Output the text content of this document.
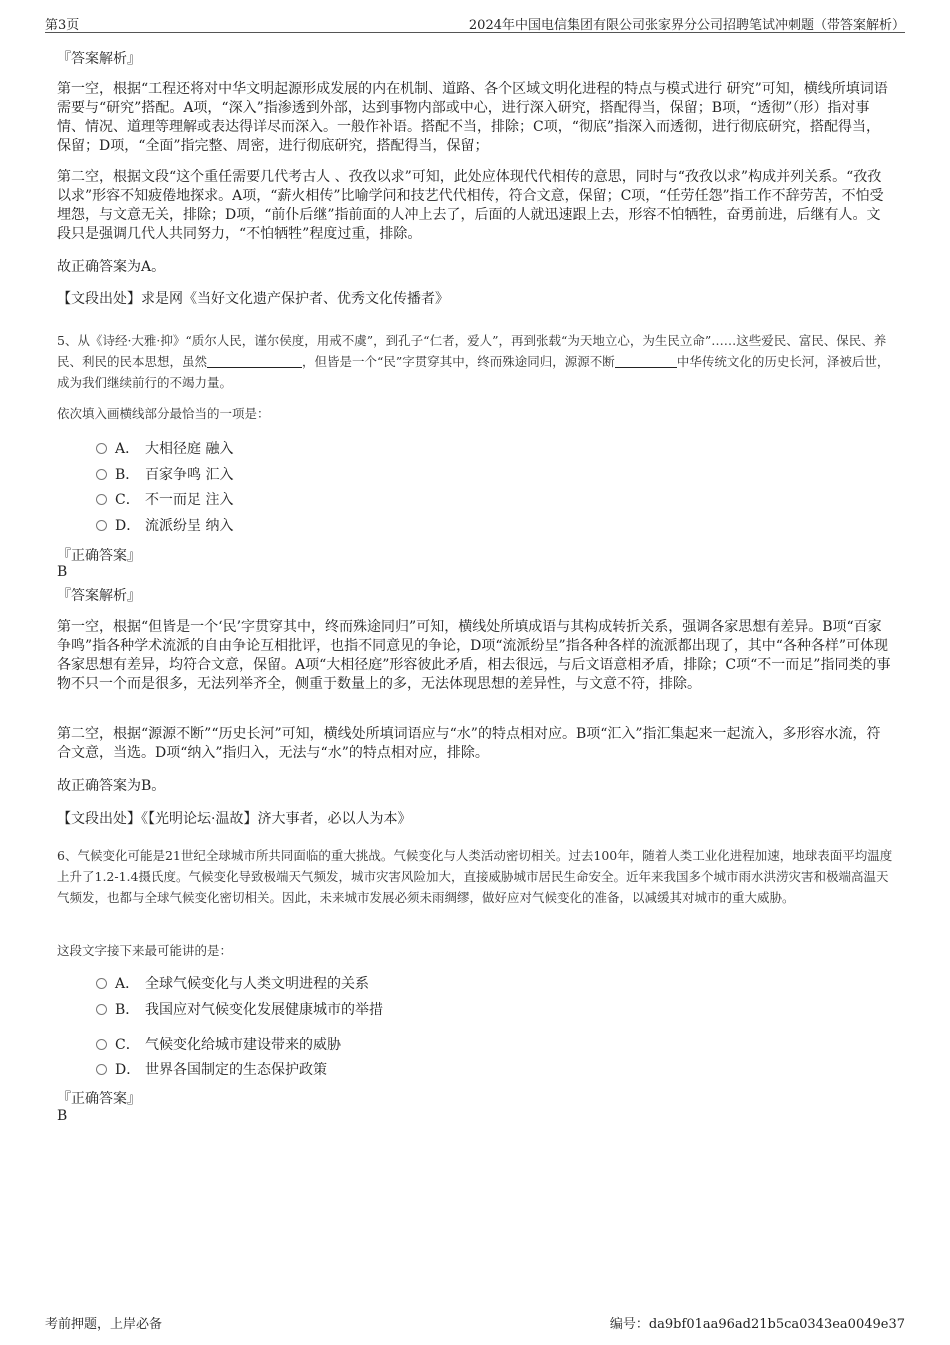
第3页	2024年中国电信集团有限公司张家界分公司招聘笔试冲刺题（带答案解析）
『答案解析』

第一空，根据“工程还将对中华文明起源形成发展的内在机制、道路、各个区域文明化进程的特点与模式进行 研究”可知，横线所填词语需要与“研究”搭配。A项，“深入”指渗透到外部，达到事物内部或中心，进行深入研究，搭配得当，保留；B项，“透彻”（形）指对事情、情况、道理等理解或表达得详尽而深入。一般作补语。搭配不当，排除；C项，“彻底”指深入而透彻，进行彻底研究，搭配得当，保留；D项，“全面”指完整、周密，进行彻底研究，搭配得当，保留；

第二空，根据文段“这个重任需要几代考古人 、孜孜以求”可知，此处应体现代代相传的意思，同时与“孜孜以求”构成并列关系。“孜孜以求”形容不知疲倦地探求。A项，“薪火相传”比喻学问和技艺代代相传，符合文意，保留；C项，“任劳任怨”指工作不辞劳苦，不怕受埋怨，与文意无关，排除；D项，“前仆后继”指前面的人冲上去了，后面的人就迅速跟上去，形容不怕牺牲，奋勇前进，后继有人。文段只是强调几代人共同努力，“不怕牺牲”程度过重，排除。

故正确答案为A。
【文段出处】求是网《当好文化遗产保护者、优秀文化传播者》

5、从《诗经·大雅·抑》“质尔人民，谨尔侯度，用戒不虞”，到孔子“仁者，爱人”，再到张载“为天地立心，为生民立命”……这些爱民、富民、保民、养民、利民的民本思想，虽然	，但皆是一个“民”字贯穿其中，终而殊途同归，源源不断	中华传统文化的历史长河，泽被后世，成为我们继续前行的不竭力量。

依次填入画横线部分最恰当的一项是：
A． 大相径庭 融入
B． 百家争鸣 汇入
C． 不一而足 注入
D． 流派纷呈 纳入
『正确答案』
B
『答案解析』

第一空，根据“但皆是一个‘民’字贯穿其中，终而殊途同归”可知，横线处所填成语与其构成转折关系，强调各家思想有差异。B项“百家争鸣”指各种学术流派的自由争论互相批评，也指不同意见的争论，D项“流派纷呈”指各种各样的流派都出现了，其中“各种各样”可体现各家思想有差异，均符合文意，保留。A项“大相径庭”形容彼此矛盾，相去很远，与后文语意相矛盾，排除；C项“不一而足”指同类的事物不只一个而是很多，无法列举齐全，侧重于数量上的多，无法体现思想的差异性，与文意不符，排除。

第二空，根据“源源不断”“历史长河”可知，横线处所填词语应与“水”的特点相对应。B项“汇入”指汇集起来一起流入，多形容水流，符合文意，当选。D项“纳入”指归入，无法与“水”的特点相对应，排除。

故正确答案为B。
【文段出处】《【光明论坛·温故】济大事者，必以人为本》

6、气候变化可能是21世纪全球城市所共同面临的重大挑战。气候变化与人类活动密切相关。过去100年，随着人类工业化进程加速，地球表面平均温度上升了1.2-1.4摄氏度。气候变化导致极端天气频发，城市灾害风险加大，直接威胁城市居民生命安全。近年来我国多个城市雨水洪涝灾害和极端高温天气频发，也都与全球气候变化密切相关。因此，未来城市发展必须未雨绸缪，做好应对气候变化的准备，以减缓其对城市的重大威胁。

这段文字接下来最可能讲的是：
A． 全球气候变化与人类文明进程的关系
B． 我国应对气候变化发展健康城市的举措
C． 气候变化给城市建设带来的威胁
D． 世界各国制定的生态保护政策
『正确答案』
B
考前押题，上岸必备	编号：da9bf01aa96ad21b5ca0343ea0049e37
